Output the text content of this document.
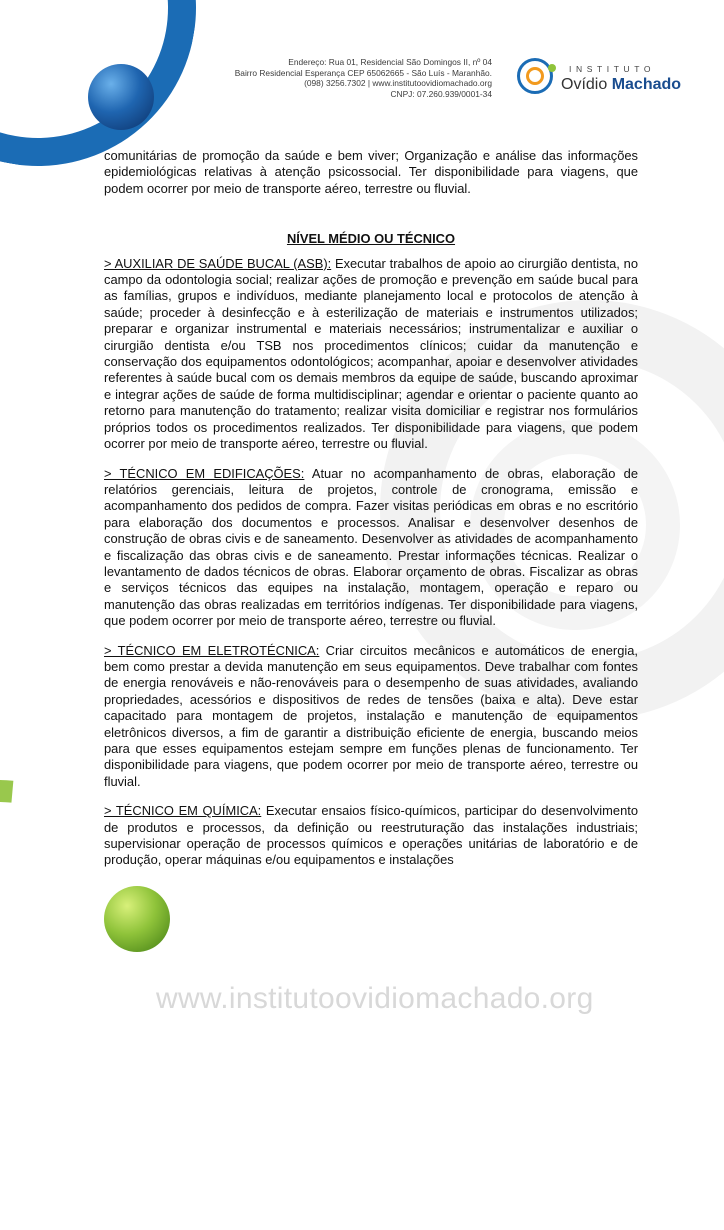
Endereço: Rua 01, Residencial São Domingos II, nº 04
Bairro Residencial Esperança CEP 65062665 - São Luís - Maranhão.
(098) 3256.7302 | www.institutoovidiomachado.org
CNPJ: 07.260.939/0001-34
INSTITUTO
Ovídio Machado

comunitárias de promoção da saúde e bem viver; Organização e análise das informações epidemiológicas relativas à atenção psicossocial. Ter disponibilidade para viagens, que podem ocorrer por meio de transporte aéreo, terrestre ou fluvial.

NÍVEL MÉDIO OU TÉCNICO

> AUXILIAR DE SAÚDE BUCAL (ASB): Executar trabalhos de apoio ao cirurgião dentista, no campo da odontologia social; realizar ações de promoção e prevenção em saúde bucal para as famílias, grupos e indivíduos, mediante planejamento local e protocolos de atenção à saúde; proceder à desinfecção e à esterilização de materiais e instrumentos utilizados; preparar e organizar instrumental e materiais necessários; instrumentalizar e auxiliar o cirurgião dentista e/ou TSB nos procedimentos clínicos; cuidar da manutenção e conservação dos equipamentos odontológicos; acompanhar, apoiar e desenvolver atividades referentes à saúde bucal com os demais membros da equipe de saúde, buscando aproximar e integrar ações de saúde de forma multidisciplinar; agendar e orientar o paciente quanto ao retorno para manutenção do tratamento; realizar visita domiciliar e registrar nos formulários próprios todos os procedimentos realizados. Ter disponibilidade para viagens, que podem ocorrer por meio de transporte aéreo, terrestre ou fluvial.

> TÉCNICO EM EDIFICAÇÕES: Atuar no acompanhamento de obras, elaboração de relatórios gerenciais, leitura de projetos, controle de cronograma, emissão e acompanhamento dos pedidos de compra. Fazer visitas periódicas em obras e no escritório para elaboração dos documentos e processos. Analisar e desenvolver desenhos de construção de obras civis e de saneamento. Desenvolver as atividades de acompanhamento e fiscalização das obras civis e de saneamento. Prestar informações técnicas. Realizar o levantamento de dados técnicos de obras. Elaborar orçamento de obras. Fiscalizar as obras e serviços técnicos das equipes na instalação, montagem, operação e reparo ou manutenção das obras realizadas em territórios indígenas. Ter disponibilidade para viagens, que podem ocorrer por meio de transporte aéreo, terrestre ou fluvial.

> TÉCNICO EM ELETROTÉCNICA: Criar circuitos mecânicos e automáticos de energia, bem como prestar a devida manutenção em seus equipamentos. Deve trabalhar com fontes de energia renováveis e não-renováveis para o desempenho de suas atividades, avaliando propriedades, acessórios e dispositivos de redes de tensões (baixa e alta). Deve estar capacitado para montagem de projetos, instalação e manutenção de equipamentos eletrônicos diversos, a fim de garantir a distribuição eficiente de energia, buscando meios para que esses equipamentos estejam sempre em funções plenas de funcionamento. Ter disponibilidade para viagens, que podem ocorrer por meio de transporte aéreo, terrestre ou fluvial.

> TÉCNICO EM QUÍMICA: Executar ensaios físico-químicos, participar do desenvolvimento de produtos e processos, da definição ou reestruturação das instalações industriais; supervisionar operação de processos químicos e operações unitárias de laboratório e de produção, operar máquinas e/ou equipamentos e instalações

www.institutoovidiomachado.org
